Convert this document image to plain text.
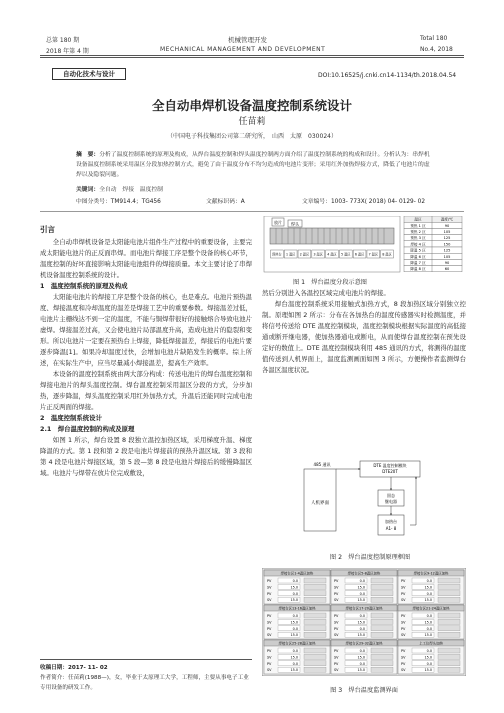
总第 180 期
2018 年第 4 期
机械管理开发
MECHANICAL MANAGEMENT AND DEVELOPMENT
Total 180
No.4, 2018
自动化技术与设计	DOI:10.16525/j.cnki.cn14-1134/th.2018.04.54
全自动串焊机设备温度控制系统设计
任苗莉
（中国电子科技集团公司第二研究所，　山西　太原　030024）
摘　要：分析了温度控制系统的原理及构成，从焊台温度控制和焊头温度控制两方面介绍了温度控制系统的构成和设计。分析认为：串焊机设备温度控制系统采用温区分段加热控制方式，避免了由于温度分布不均匀造成的电池片变形；采用红外加热焊接方式，降低了电池片的虚焊以及隐裂问题。
关键词：全自动　焊接　温度控制
中图分类号：TM914.4；TG456	文献标识码：A	文章编号：1003- 773X( 2018) 04- 0129- 02
引言

全自动串焊机设备是太阳能电池片组件生产过程中的重要设备，主要完成太阳能电池片的正反面串焊。而电池片焊接工序是整个设备的核心环节，温度控制的好坏直接影响太阳能电池组件的焊接质量。本文主要讨论了串焊机设备温度控制系统的设计。

1　温度控制系统的原理及构成

太阳能电池片的焊接工序是整个设备的核心，也是难点。电池片预热温度、焊接温度和冷却温度的温差是焊接工艺中的重要参数。焊接温差过低，电池片主栅线达不到一定的温度，不能与铜焊带很好的接触熔合导致电池片虚焊。焊接温差过高，又会使电池片局部温度升高，造成电池片的隐裂和变形。所以电池片一定要在预热台上焊接，降低焊接温差，焊接后的电池片要逐步降温[1]。如果冷却温度过快，会增加电池片缺陷发生的概率。综上所述，在实际生产中，应当尽量减小焊接温差，提高生产效率。

本设备的温度控制系统由两大部分构成：传送电池片的焊台温度控制和焊接电池片的焊头温度控制。焊台温度控制采用温区分段的方式，分步加热，逐步降温，焊头温度控制采用红外加热方式，升温后还能同时完成电池片正反两面的焊接。

2　温度控制系统设计
2.1　焊台温度控制的构成及原理

如图 1 所示，焊台设置 8 段独立温控加热区域，采用梯度升温、梯度降温的方式。第 1 段和第 2 段是电池片焊接前的预热升温区域。第 3 段和第 4 段是电池片焊接区域，第 5 段—第 8 段是电池片焊接后的缓慢降温区域。电池片与焊带在放片位完成敷设，

收稿日期：2017- 11- 02
作者简介：任苗莉(1988—)，女，毕业于太原理工大学，工程师，主要从事电子工业专用设备的研发工作。
放片 焊头
预热台 1 温区 2 温区 3 温区 4 温区 5 温区 6 温区 7 温区 8 温区
温区	温度/℃
预热 1 区	90
预热 2 区	105
预热 3 区	125
焊接 4 区	150
降温 5 区	125
降温 6 区	105
降温 7 区	90
降温 8 区	60
图 1　焊台温度分段示意图

然后分别进入各温控区域完成电池片的焊接。

焊台温度控制系统采用接触式加热方式，8 段加热区域分别独立控制。原理如图 2 所示：分布在各加热台的温度传感器实时检测温度，并将信号传送给 DTE 温度控制模块，温度控制模块根据实际温度的高低接通或断开继电器，使加热器通电或断电，从而使焊台温度控制在预先设定好的数值上。DTE 温度控制模块利用 485 通讯的方式，将测得的温度值传送到人机界面上，温度监测画面如图 3 所示，方便操作者监测焊台各温区温度状况。

DTE 温度控制模块
DTE20T
人机界面
485 通讯
固态
继电器
加热台
A1- 8
图 2　焊台温度控制原理框图
焊接台区1-4温区加热
PV	0.0
SV	15.0
PV	0.0
SV	15.0
焊接台区5-8温区加热
PV	0.0
SV	15.0
PV	0.0
SV	15.0
焊接台区9-12温区加热
PV	0.0
SV	15.0
PV	0.0
SV	15.0
焊接台区13-16温区加热
PV	0.0
SV	15.0
PV	0.0
SV	15.0
焊接台区17-20温区加热
PV	0.0
SV	15.0
PV	0.0
SV	15.0
焊接台区21-24温区加热
PV	0.0
SV	15.0
PV	0.0
SV	15.0
焊接台区25-28温区加热
PV	0.0
SV	15.0
PV	0.0
SV	15.0
焊接台区29-32温区加热
PV	0.0
SV	15.0
PV	0.0
SV	15.0
上工位焊头加热
PV	0.0
SV	15.0
PV	0.0
SV	15.0
图 3　焊台温度监测界面
